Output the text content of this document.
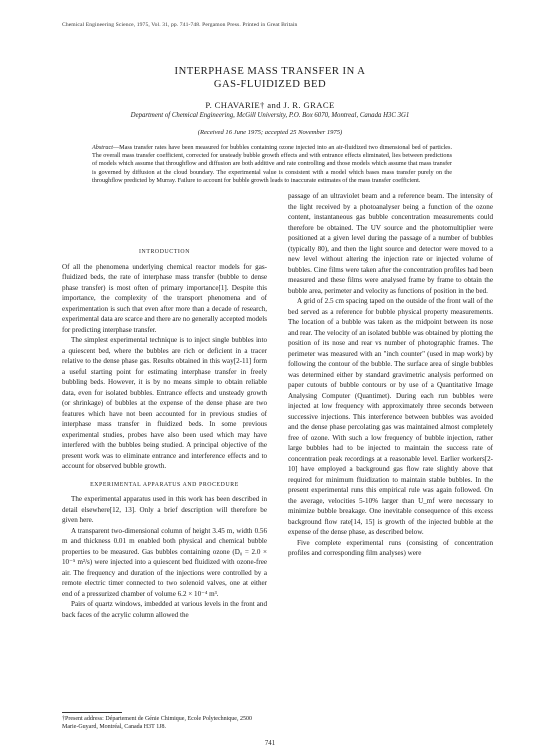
Chemical Engineering Science, 1975, Vol. 31, pp. 741-748. Pergamon Press. Printed in Great Britain
INTERPHASE MASS TRANSFER IN A
GAS-FLUIDIZED BED
P. CHAVARIE† and J. R. GRACE
Department of Chemical Engineering, McGill University, P.O. Box 6070, Montreal, Canada H3C 3G1
(Received 16 June 1975; accepted 25 November 1975)
Abstract—Mass transfer rates have been measured for bubbles containing ozone injected into an air-fluidized two dimensional bed of particles. The overall mass transfer coefficient, corrected for unsteady bubble growth effects and with entrance effects eliminated, lies between predictions of models which assume that throughflow and diffusion are both additive and rate controlling and those models which assume that mass transfer is governed by diffusion at the cloud boundary. The experimental value is consistent with a model which bases mass transfer purely on the throughflow predicted by Murray. Failure to account for bubble growth leads to inaccurate estimates of the mass transfer coefficient.
INTRODUCTION

Of all the phenomena underlying chemical reactor models for gas-fluidized beds, the rate of interphase mass transfer (bubble to dense phase transfer) is most often of primary importance[1]. Despite this importance, the complexity of the transport phenomena and of experimentation is such that even after more than a decade of research, experimental data are scarce and there are no generally accepted models for predicting interphase transfer.

The simplest experimental technique is to inject single bubbles into a quiescent bed, where the bubbles are rich or deficient in a tracer relative to the dense phase gas. Results obtained in this way[2-11] form a useful starting point for estimating interphase transfer in freely bubbling beds. However, it is by no means simple to obtain reliable data, even for isolated bubbles. Entrance effects and unsteady growth (or shrinkage) of bubbles at the expense of the dense phase are two features which have not been accounted for in previous studies of interphase mass transfer in fluidized beds. In some previous experimental studies, probes have also been used which may have interfered with the bubbles being studied. A principal objective of the present work was to eliminate entrance and interference effects and to account for observed bubble growth.

EXPERIMENTAL APPARATUS AND PROCEDURE

The experimental apparatus used in this work has been described in detail elsewhere[12, 13]. Only a brief description will therefore be given here.

A transparent two-dimensional column of height 3.45 m, width 0.56 m and thickness 0.01 m enabled both physical and chemical bubble properties to be measured. Gas bubbles containing ozone (D₀ = 2.0 × 10⁻⁵ m²/s) were injected into a quiescent bed fluidized with ozone-free air. The frequency and duration of the injections were controlled by a remote electric timer connected to two solenoid valves, one at either end of a pressurized chamber of volume 6.2 × 10⁻⁴ m³.

Pairs of quartz windows, imbedded at various levels in the front and back faces of the acrylic column allowed the

passage of an ultraviolet beam and a reference beam. The intensity of the light received by a photoanalyser being a function of the ozone content, instantaneous gas bubble concentration measurements could therefore be obtained. The UV source and the photomultiplier were positioned at a given level during the passage of a number of bubbles (typically 80), and then the light source and detector were moved to a new level without altering the injection rate or injected volume of bubbles. Cine films were taken after the concentration profiles had been measured and these films were analysed frame by frame to obtain the bubble area, perimeter and velocity as functions of position in the bed.

A grid of 2.5 cm spacing taped on the outside of the front wall of the bed served as a reference for bubble physical property measurements. The location of a bubble was taken as the midpoint between its nose and rear. The velocity of an isolated bubble was obtained by plotting the position of its nose and rear vs number of photographic frames. The perimeter was measured with an "inch counter" (used in map work) by following the contour of the bubble. The surface area of single bubbles was determined either by standard gravimetric analysis performed on paper cutouts of bubble contours or by use of a Quantitative Image Analysing Computer (Quantimet). During each run bubbles were injected at low frequency with approximately three seconds between successive injections. This interference between bubbles was avoided and the dense phase percolating gas was maintained almost completely free of ozone. With such a low frequency of bubble injection, rather large bubbles had to be injected to maintain the success rate of concentration peak recordings at a reasonable level. Earlier workers[2-10] have employed a background gas flow rate slightly above that required for minimum fluidization to maintain stable bubbles. In the present experimental runs this empirical rule was again followed. On the average, velocities 5-10% larger than U_mf were necessary to minimize bubble breakage. One inevitable consequence of this excess background flow rate[14, 15] is growth of the injected bubble at the expense of the dense phase, as described below.

Five complete experimental runs (consisting of concentration profiles and corresponding film analyses) were

†Present address: Département de Génie Chimique, Ecole Polytechnique, 2500 Marie-Guyard, Montréal, Canada H3T 1J8.
741
